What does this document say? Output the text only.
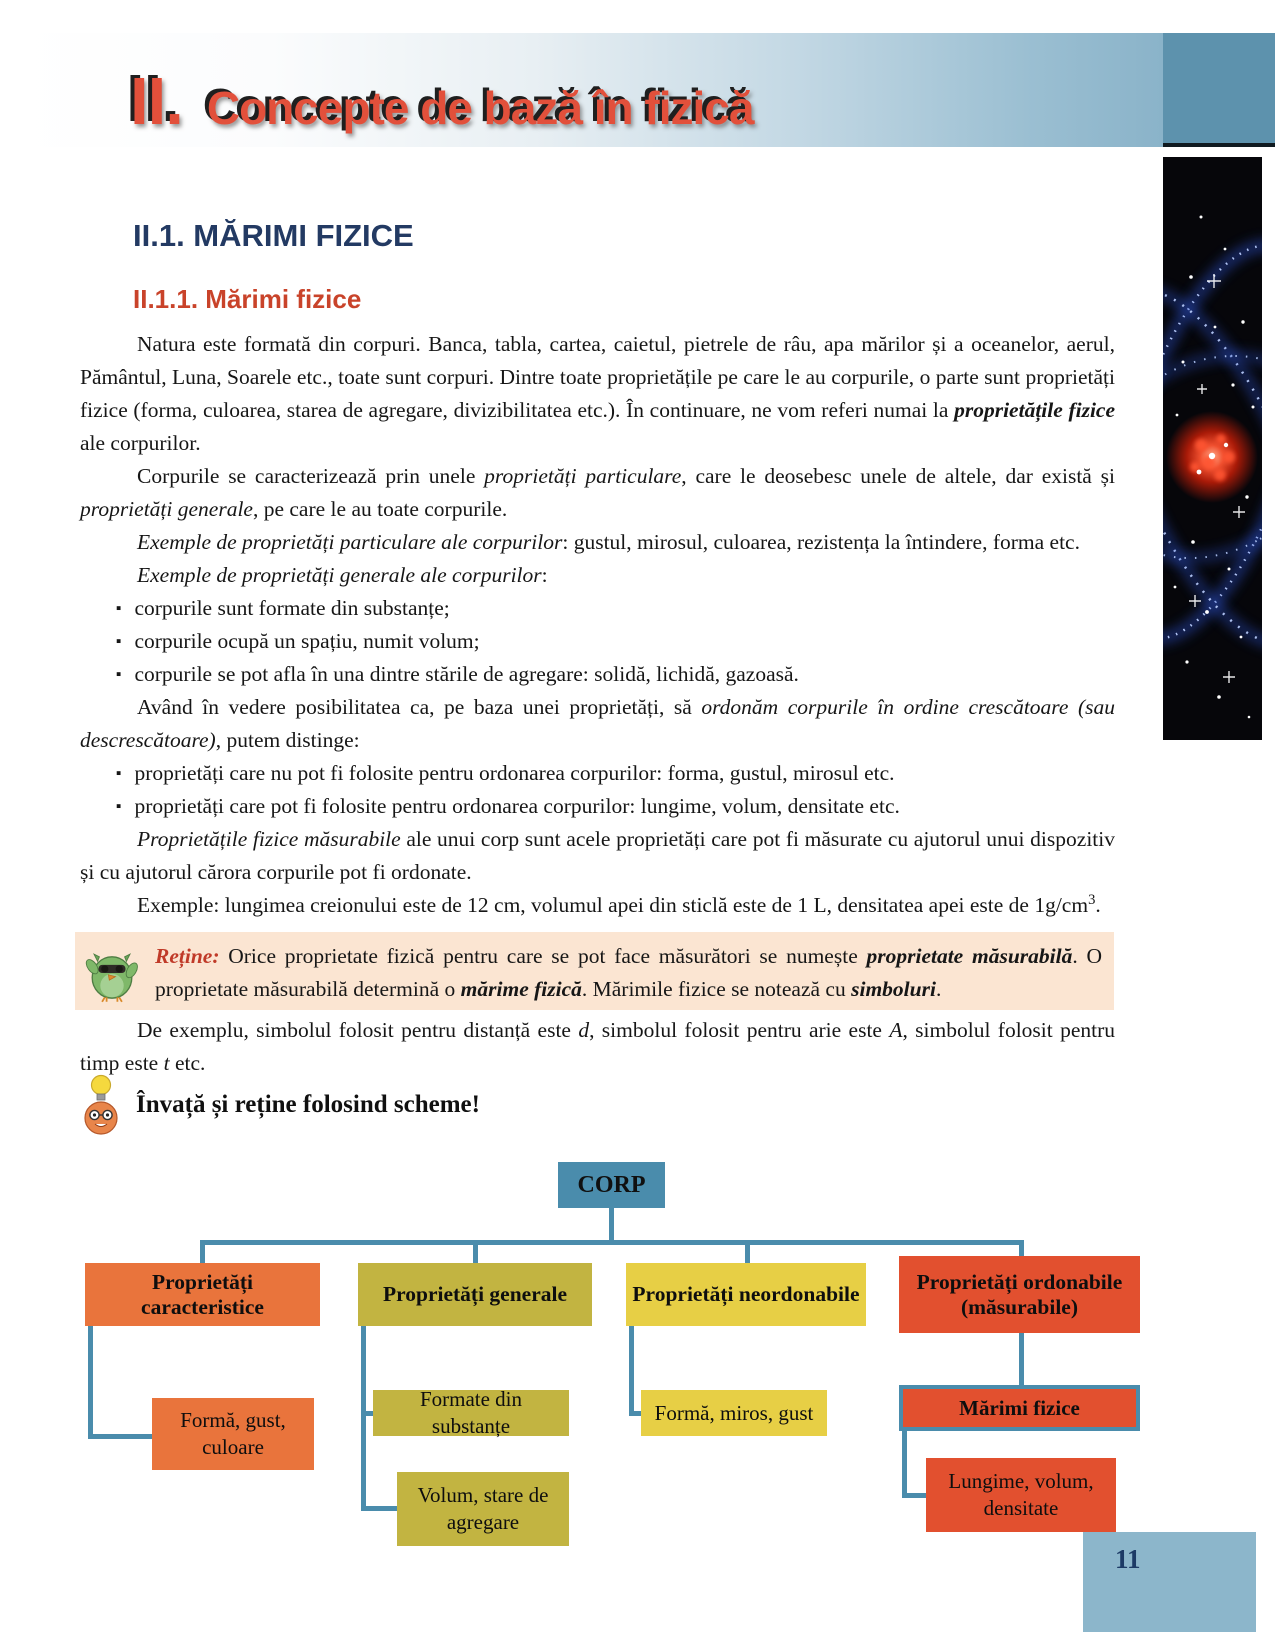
II. Concepte de bază în fizică
II.1. MĂRIMI FIZICE
II.1.1. Mărimi fizice

Natura este formată din corpuri. Banca, tabla, cartea, caietul, pietrele de râu, apa mărilor și a oceanelor, aerul, Pământul, Luna, Soarele etc., toate sunt corpuri. Dintre toate proprietățile pe care le au corpurile, o parte sunt proprietăți fizice (forma, culoarea, starea de agregare, divizibilitatea etc.). În continuare, ne vom referi numai la proprietățile fizice ale corpurilor.

Corpurile se caracterizează prin unele proprietăți particulare, care le deosebesc unele de altele, dar există și proprietăți generale, pe care le au toate corpurile.

Exemple de proprietăți particulare ale corpurilor: gustul, mirosul, culoarea, rezistența la întindere, forma etc.

Exemple de proprietăți generale ale corpurilor:

▪ corpurile sunt formate din substanțe;
▪ corpurile ocupă un spațiu, numit volum;
▪ corpurile se pot afla în una dintre stările de agregare: solidă, lichidă, gazoasă.

Având în vedere posibilitatea ca, pe baza unei proprietăți, să ordonăm corpurile în ordine crescătoare (sau descrescătoare), putem distinge:

▪ proprietăți care nu pot fi folosite pentru ordonarea corpurilor: forma, gustul, mirosul etc.
▪ proprietăți care pot fi folosite pentru ordonarea corpurilor: lungime, volum, densitate etc.

Proprietățile fizice măsurabile ale unui corp sunt acele proprietăți care pot fi măsurate cu ajutorul unui dispozitiv și cu ajutorul cărora corpurile pot fi ordonate.

Exemple: lungimea creionului este de 12 cm, volumul apei din sticlă este de 1 L, densitatea apei este de $1g/cm^3$.

Reține: Orice proprietate fizică pentru care se pot face măsurători se numește proprietate măsurabilă. O proprietate măsurabilă determină o mărime fizică. Mărimile fizice se notează cu simboluri.

De exemplu, simbolul folosit pentru distanță este d, simbolul folosit pentru arie este A, simbolul folosit pentru timp este t etc.

Învață și reține folosind scheme!
CORP
Proprietăți caracteristice
Proprietăți generale	Proprietăți neordonabile
Proprietăți ordonabile (măsurabile)
Formă, gust, culoare
Formate din substanțe
Volum, stare de agregare
Formă, miros, gust	Mărimi fizice
Lungime, volum, densitate
11
